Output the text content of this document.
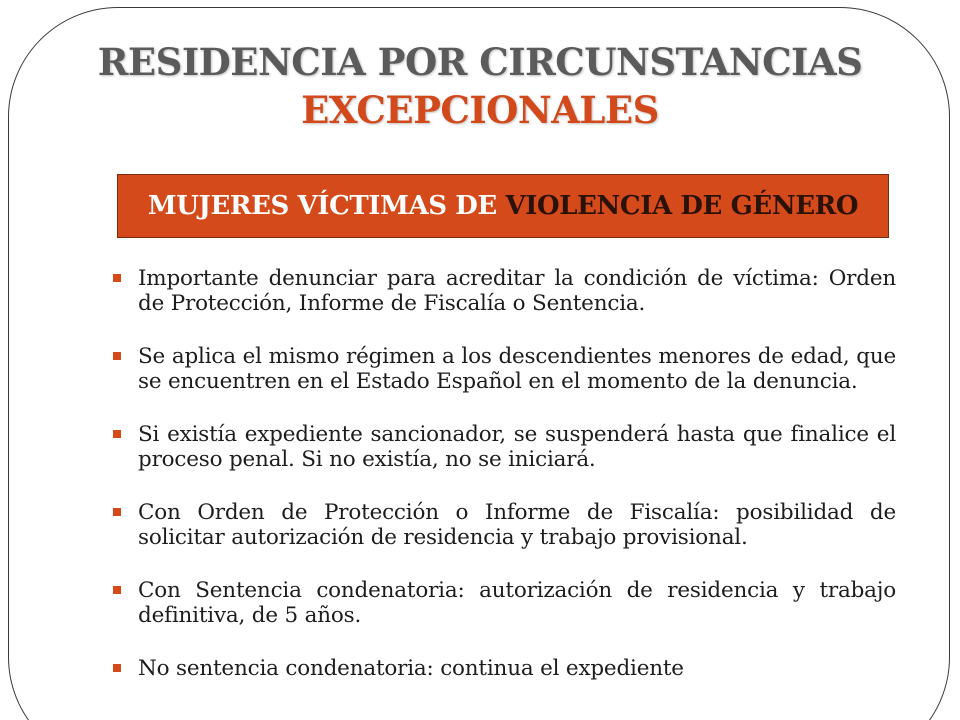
RESIDENCIA POR CIRCUNSTANCIAS
EXCEPCIONALES
MUJERES VÍCTIMAS DE VIOLENCIA DE GÉNERO
Importante denunciar para acreditar la condición de víctima: Orden de Protección, Informe de Fiscalía o Sentencia.
Se aplica el mismo régimen a los descendientes menores de edad, que se encuentren en el Estado Español en el momento de la denuncia.
Si existía expediente sancionador, se suspenderá hasta que finalice el proceso penal. Si no existía, no se iniciará.
Con Orden de Protección o Informe de Fiscalía: posibilidad de solicitar autorización de residencia y trabajo provisional.
Con Sentencia condenatoria: autorización de residencia y trabajo definitiva, de 5 años.
No sentencia condenatoria: continua el expediente
